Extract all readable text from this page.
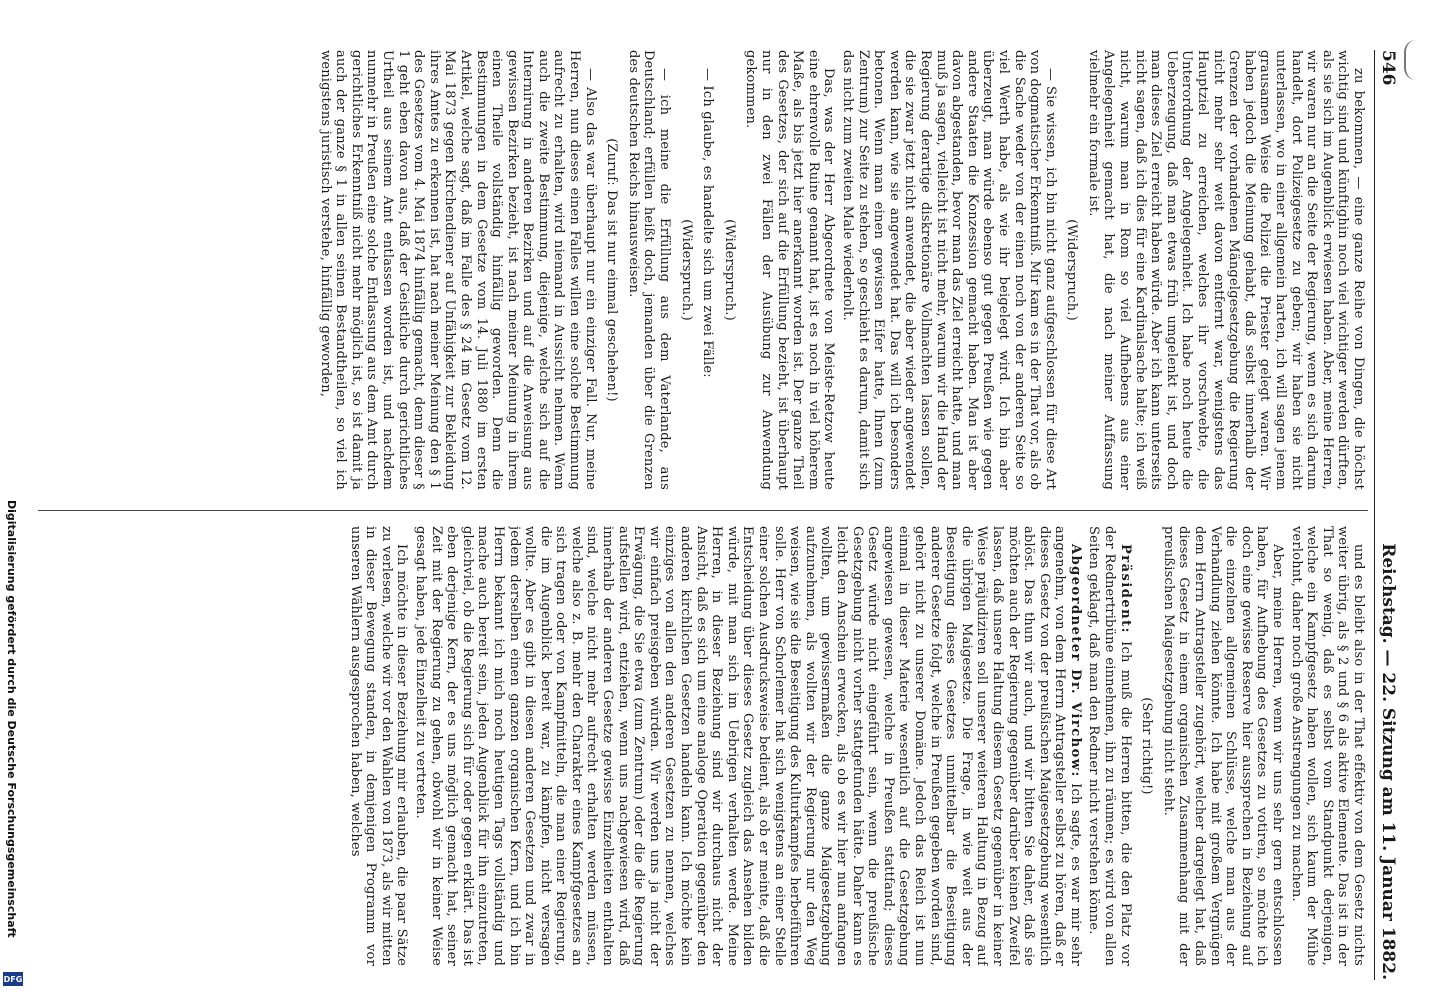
Digitalisierung gefördert durch die Deutsche Forschungsgemeinschaft
DFG
546
Reichstag. — 22. Sitzung am 11. Januar 1882.

zu bekommen, — eine ganze Reihe von Dingen, die höchst wichtig sind und künftighin noch viel wichtiger werden dürften, als sie sich im Augenblick erwiesen haben. Aber, meine Herren, wir waren nur an die Seite der Regierung, wenn es sich darum handelt, dort Polizeigesetze zu geben; wir haben sie nicht unterlassen, wo in einer allgemein harten, ich will sagen jenem grausamen Weise die Polizei die Priester gelegt waren. Wir haben jedoch die Meinung gehabt, daß selbst innerhalb der Grenzen der vorhandenen Mängelgesetzgebung die Regierung nicht mehr sehr weit davon entfernt war, wenigstens das Hauptziel zu erreichen, welches ihr vorschwebte, die Unterordnung der Angelegenheit. Ich habe noch heute die Ueberzeugung, daß man etwas früh umgelenkt ist, und doch man dieses Ziel erreicht haben würde. Aber ich kann unterseits nicht sagen, daß ich dies für eine Kardinalsache halte; ich weiß nicht, warum man in Rom so viel Aufhebens aus einer Angelegenheit gemacht hat, die nach meiner Auffassung vielmehr ein formale ist.

(Widerspruch.)

— Sie wissen, ich bin nicht ganz aufgeschlossen für diese Art von dogmatischer Erkenntniß. Mir kam es in der That vor, als ob die Sache weder von der einen noch von der anderen Seite so viel Werth habe, als wie ihr beigelegt wird. Ich bin aber überzeugt, man würde ebenso gut gegen Preußen wie gegen andere Staaten die Konzession gemacht haben. Man ist aber davon abgestanden, bevor man das Ziel erreicht hatte, und man muß ja sagen, vielleicht ist nicht mehr, warum wir die Hand der Regierung derartige diskretionäre Vollmachten lassen sollen, die sie zwar jetzt nicht anwendet, die aber wieder angewendet werden kann, wie sie angewendet hat. Das will ich besonders betonen. Wenn man einen gewissen Eifer hatte, Ihnen (zum Zentrum) zur Seite zu stehen, so geschieht es darum, damit sich das nicht zum zweiten Male wiederholt.

Das, was der Herr Abgeordnete von Meiste-Retzow heute eine ehrenvolle Ruine genannt hat, ist es noch in viel höherem Maße, als bis jetzt hier anerkannt worden ist. Der ganze Theil des Gesetzes, der sich auf die Erfüllung bezieht, ist überhaupt nur in den zwei Fällen der Ausübung zur Anwendung gekommen.

(Widerspruch.)

— Ich glaube, es handelte sich um zwei Fälle:

(Widerspruch.)

— ich meine die Erfüllung aus dem Vaterlande, aus Deutschland; erfüllen heißt doch, jemanden über die Grenzen des deutschen Reichs hinausweisen.

(Zuruf: Das ist nur einmal geschehen!)

— Also das war überhaupt nur ein einziger Fall. Nur, meine Herren, nun dieses einen Falles willen eine solche Bestimmung aufrecht zu erhalten, wird niemand in Aussicht nehmen. Wenn auch die zweite Bestimmung, diejenige, welche sich auf die Internirung in anderen Bezirken und auf die Anweisung aus gewissen Bezirken bezieht, ist nach meiner Meinung in ihrem einen Theile vollständig hinfällig geworden. Denn die Bestimmungen in dem Gesetze vom 14. Juli 1880 im ersten Artikel, welche sagt, daß im Falle des § 24 im Gesetz vom 12. Mai 1873 gegen Kirchendiener auf Unfähigkeit zur Bekleidung ihres Amtes zu erkennen ist, hat nach meiner Meinung den § 1 des Gesetzes vom 4. Mai 1874 hinfällig gemacht, denn dieser § 1 geht eben davon aus, daß der Geistliche durch gerichtliches Urtheil aus seinem Amt entlassen worden ist, und nachdem nunmehr in Preußen eine solche Entlassung aus dem Amt durch gerichtliches Erkenntniß nicht mehr möglich ist, so ist damit ja auch der ganze § 1 in allen seinen Bestandtheilen, so viel ich wenigstens juristisch verstehe, hinfällig geworden,

und es bleibt also in der That effektiv von dem Gesetz nichts weiter übrig, als § 2 und § 6 als aktive Elemente. Das ist in der That so wenig, daß es selbst vom Standpunkt derjenigen, welche ein Kampfgesetz haben wollen, sich kaum der Mühe verlohnt, daher noch große Anstrengungen zu machen.

Aber, meine Herren, wenn wir uns sehr gern entschlossen haben, für Aufhebung des Gesetzes zu votiren, so möchte ich doch eine gewisse Reserve hier aussprechen in Beziehung auf die einzelnen allgemeinen Schlüsse, welche man aus der Verhandlung ziehen könnte. Ich habe mit großem Vergnügen dem Herrn Antragsteller zugehört, welcher dargelegt hat, daß dieses Gesetz in einem organischen Zusammenhang mit der preußischen Maigesetzgebung nicht steht.

(Sehr richtig!)

Präsident: Ich muß die Herren bitten, die den Platz vor der Rednertribüne einnehmen, ihn zu räumen; es wird von allen Seiten geklagt, daß man den Redner nicht verstehen könne.

Abgeordneter Dr. Virchow: Ich sagte, es war mir sehr angenehm, von dem Herrn Antragsteller selbst zu hören, daß er dieses Gesetz von der preußischen Maigesetzgebung wesentlich ablöst. Das thun wir auch, und wir bitten Sie daher, daß sie möchten auch der Regierung gegenüber darüber keinen Zweifel lassen, daß unsere Haltung diesem Gesetz gegenüber in keiner Weise präjudiziren soll unserer weiteren Haltung in Bezug auf die übrigen Maigesetze. Die Frage, in wie weit aus der Beseitigung dieses Gesetzes unmittelbar die Beseitigung anderer Gesetze folgt, welche in Preußen gegeben worden sind, gehört nicht zu unserer Domäne. Jedoch das Reich ist nun einmal in dieser Materie wesentlich auf die Gesetzgebung angewiesen gewesen, welche in Preußen stattfand; dieses Gesetz würde nicht eingeführt sein, wenn die preußische Gesetzgebung nicht vorher stattgefunden hätte. Daher kann es leicht den Anschein erwecken, als ob es wir hier nun anfangen wollten, um gewissermaßen die ganze Maigesetzgebung aufzunehmen, als wollten wir der Regierung nur den Weg weisen, wie sie die Beseitigung des Kulturkampfes herbeiführen solle. Herr von Schorlemer hat sich wenigstens an einer Stelle einer solchen Ausdrucksweise bedient, als ob er meinte, daß die Entscheidung über dieses Gesetz zugleich das Ansehen bilden würde, mit man sich im Uebrigen verhalten werde. Meine Herren, in dieser Beziehung sind wir durchaus nicht der Ansicht, daß es sich um eine analoge Operation gegenüber den anderen kirchlichen Gesetzen handeln kann. Ich möchte kein einziges von allen den anderen Gesetzen zu nennen, welches wir einfach preisgeben würden. Wir werden uns ja nicht der Erwägung, die Sie etwa (zum Zentrum) oder die die Regierung aufstellen wird, entziehen, wenn uns nachgewiesen wird, daß innerhalb der anderen Gesetze gewisse Einzelheiten enthalten sind, welche nicht mehr aufrecht erhalten werden müssen, welche also z. B. mehr den Charakter eines Kampfgesetzes an sich tragen oder von Kampfmitteln, die man einer Regierung, die im Augenblick bereit war, zu kämpfen, nicht versagen wollte. Aber es gibt in diesen anderen Gesetzen und zwar in jedem derselben einen ganzen organischen Kern, und ich bin Herrn bekannt ich mich noch heutigen Tags vollständig und mache auch bereit sein, jeden Augenblick für ihn einzutreten, gleichviel, ob die Regierung sich für oder gegen erklärt. Das ist eben derjenige Kern, der es uns möglich gemacht hat, seiner Zeit mit der Regierung zu gehen, obwohl wir in keiner Weise gesagt haben, jede Einzelheit zu vertreten.

Ich möchte in dieser Beziehung mir erlauben, die paar Sätze zu verlesen, welche wir vor den Wahlen von 1873, als wir mitten in dieser Bewegung standen, in demjenigen Programm vor unseren Wählern ausgesprochen haben, welches
